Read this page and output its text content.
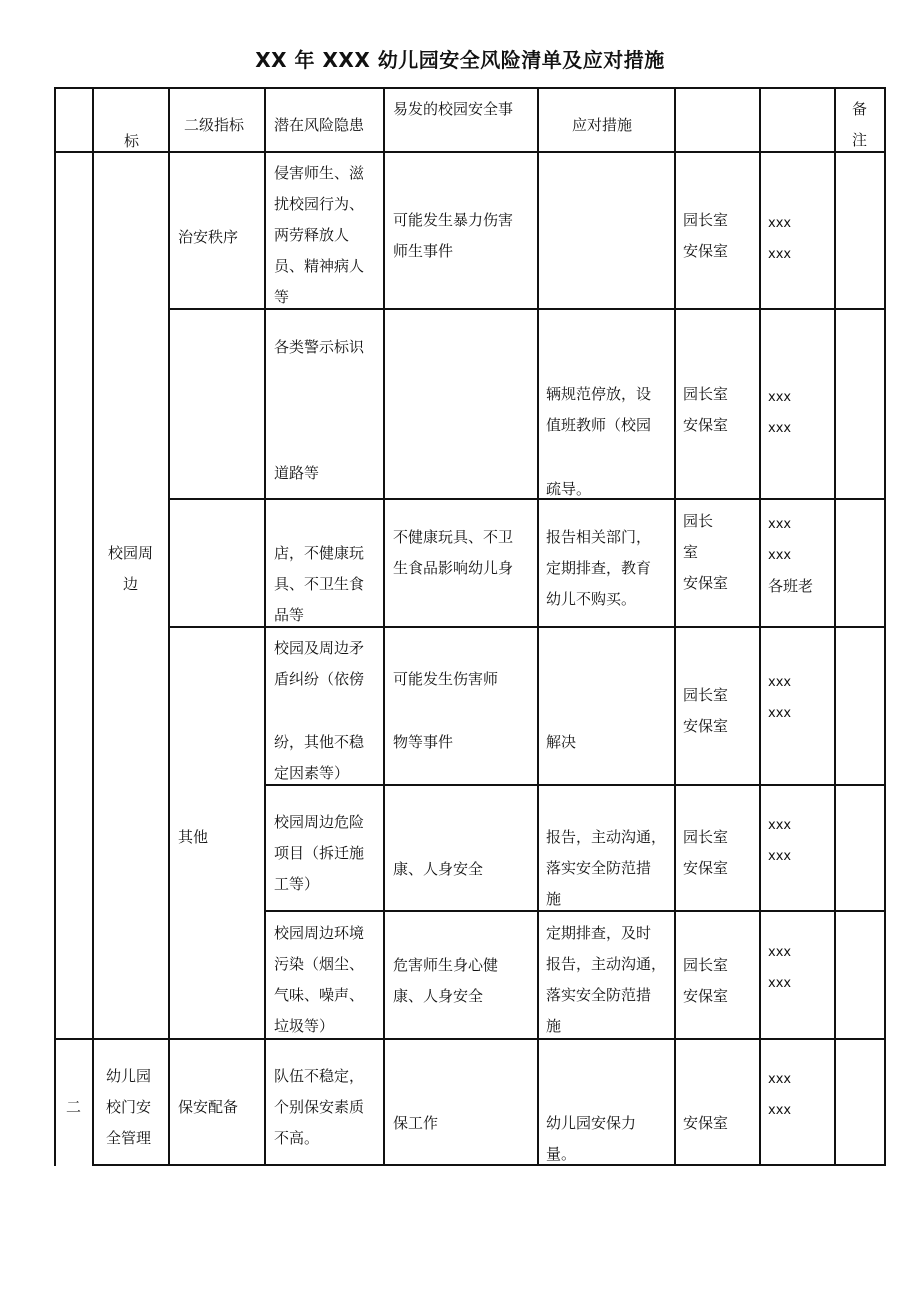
XX 年 XXX 幼儿园安全风险清单及应对措施
标
二级指标 潜在风险隐患
易发的校园安全事
应对措施
备
注
治安秩序
侵害师生、滋
扰校园行为、
两劳释放人
员、精神病人
等
可能发生暴力伤害
师生事件
园长室
安保室
xxx
xxx
各类警示标识
道路等
辆规范停放，设
值班教师（校园
疏导。
园长室
安保室
xxx
xxx
校园周
边
店，不健康玩
具、不卫生食
品等
不健康玩具、不卫
生食品影响幼儿身
报告相关部门，
定期排查，教育
幼儿不购买。
园长
室
安保室
xxx
xxx
各班老
校园及周边矛
盾纠纷（依傍
纷，其他不稳
定因素等）
可能发生伤害师
物等事件	解决
园长室
安保室
xxx
xxx
其他
校园周边危险
项目（拆迁施
工等）
康、人身安全
报告，主动沟通，
落实安全防范措
施
园长室
安保室
xxx
xxx
校园周边环境
污染（烟尘、
气味、噪声、
垃圾等）
危害师生身心健
康、人身安全
定期排查，及时
报告，主动沟通，
落实安全防范措
施
园长室
安保室
xxx
xxx
二
幼儿园
校门安
全管理
保安配备
队伍不稳定，
个别保安素质
不高。
保工作	幼儿园安保力
量。
安保室
xxx
xxx
